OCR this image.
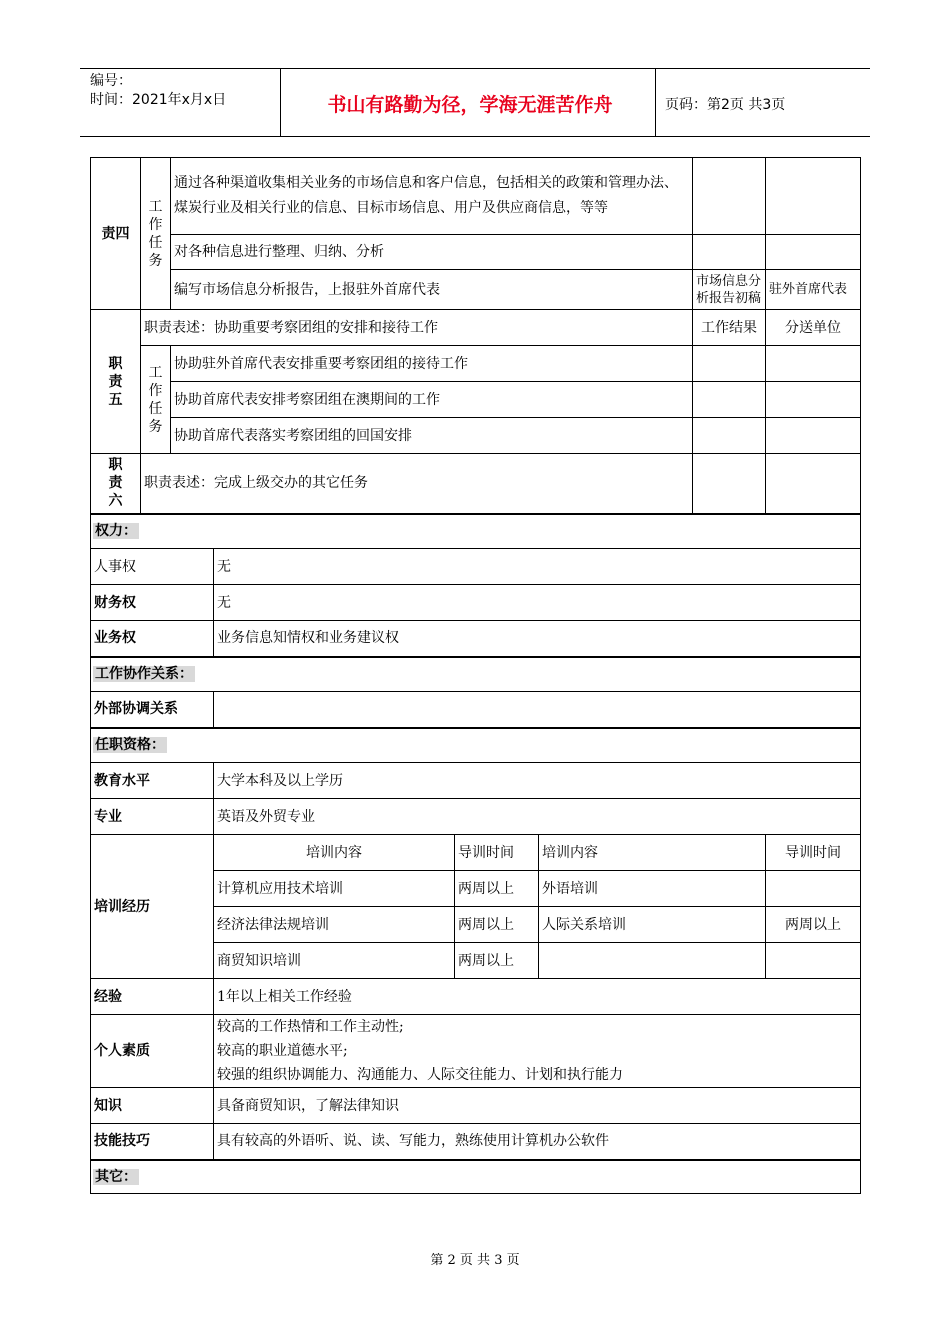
编号：
时间：2021年x月x日	书山有路勤为径，学海无涯苦作舟	页码：第2页 共3页
责四	工作任务	通过各种渠道收集相关业务的市场信息和客户信息，包括相关的政策和管理办法、煤炭行业及相关行业的信息、目标市场信息、用户及供应商信息，等等					
		对各种信息进行整理、归纳、分析					
		编写市场信息分析报告，上报驻外首席代表				市场信息分析报告初稿	驻外首席代表
职责五	职责表述：协助重要考察团组的安排和接待工作					工作结果	分送单位
	工作任务	协助驻外首席代表安排重要考察团组的接待工作					
		协助首席代表安排考察团组在澳期间的工作					
		协助首席代表落实考察团组的回国安排					
职责六	职责表述：完成上级交办的其它任务						
权力：							
人事权			无				
财务权			无				
业务权			业务信息知情权和业务建议权				
工作协作关系：							
外部协调关系							
任职资格：							
教育水平			大学本科及以上学历				
专业			英语及外贸专业				
培训经历			培训内容	导训时间	培训内容		导训时间
			计算机应用技术培训	两周以上	外语培训		
			经济法律法规培训	两周以上	人际关系培训		两周以上
			商贸知识培训	两周以上			
经验			1年以上相关工作经验				
个人素质			较高的工作热情和工作主动性;
较高的职业道德水平;
较强的组织协调能力、沟通能力、人际交往能力、计划和执行能力				

知识			具备商贸知识，了解法律知识				
技能技巧			具有较高的外语听、说、读、写能力，熟练使用计算机办公软件				
其它：							
第 2 页 共 3 页
